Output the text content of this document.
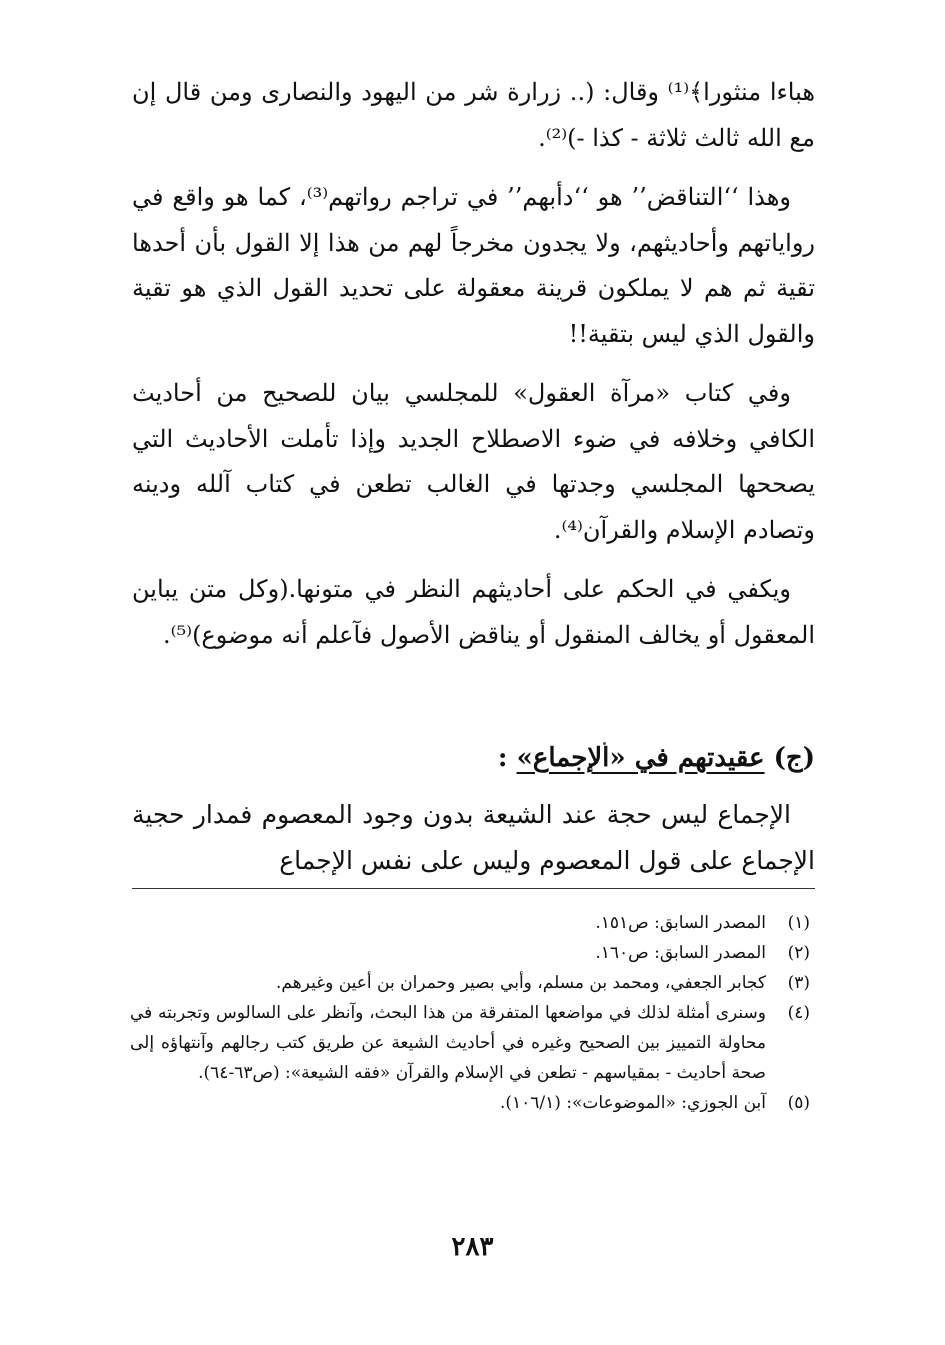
هباءا منثورا﴾⁽¹⁾ وقال: (.. زرارة شر من اليهود والنصارى ومن قال إن مع الله ثالث ثلاثة - كذا -)⁽²⁾.

وهذا ‘‘التناقض’’ هو ‘‘دأبهم’’ في تراجم رواتهم⁽³⁾، كما هو واقع في رواياتهم وأحاديثهم، ولا يجدون مخرجاً لهم من هذا إلا القول بأن أحدها تقية ثم هم لا يملكون قرينة معقولة على تحديد القول الذي هو تقية والقول الذي ليس بتقية!!

وفي كتاب «مرآة العقول» للمجلسي بيان للصحيح من أحاديث الكافي وخلافه في ضوء الاصطلاح الجديد وإذا تأملت الأحاديث التي يصححها المجلسي وجدتها في الغالب تطعن في كتاب آلله ودينه وتصادم الإسلام والقرآن⁽⁴⁾.

ويكفي في الحكم على أحاديثهم النظر في متونها.(وكل متن يباين المعقول أو يخالف المنقول أو يناقض الأصول فآعلم أنه موضوع)⁽⁵⁾.

(ج) عقيدتهم في «الإجماع» :

الإجماع ليس حجة عند الشيعة بدون وجود المعصوم فمدار حجية الإجماع على قول المعصوم وليس على نفس الإجماع

(١)
المصدر السابق: ص١٥١.
(٢)
المصدر السابق: ص١٦٠.
(٣)
كجابر الجعفي، ومحمد بن مسلم، وأبي بصير وحمران بن أعين وغيرهم.
(٤)
وسنرى أمثلة لذلك في مواضعها المتفرقة من هذا البحث، وآنظر على السالوس وتجربته في محاولة التمييز بين الصحيح وغيره في أحاديث الشيعة عن طريق كتب رجالهم وآنتهاؤه إلى صحة أحاديث - بمقياسهم - تطعن في الإسلام والقرآن «فقه الشيعة»: (ص٦٣-٦٤).
(٥)
آبن الجوزي: «الموضوعات»: (١٠٦/١).
٢٨٣
